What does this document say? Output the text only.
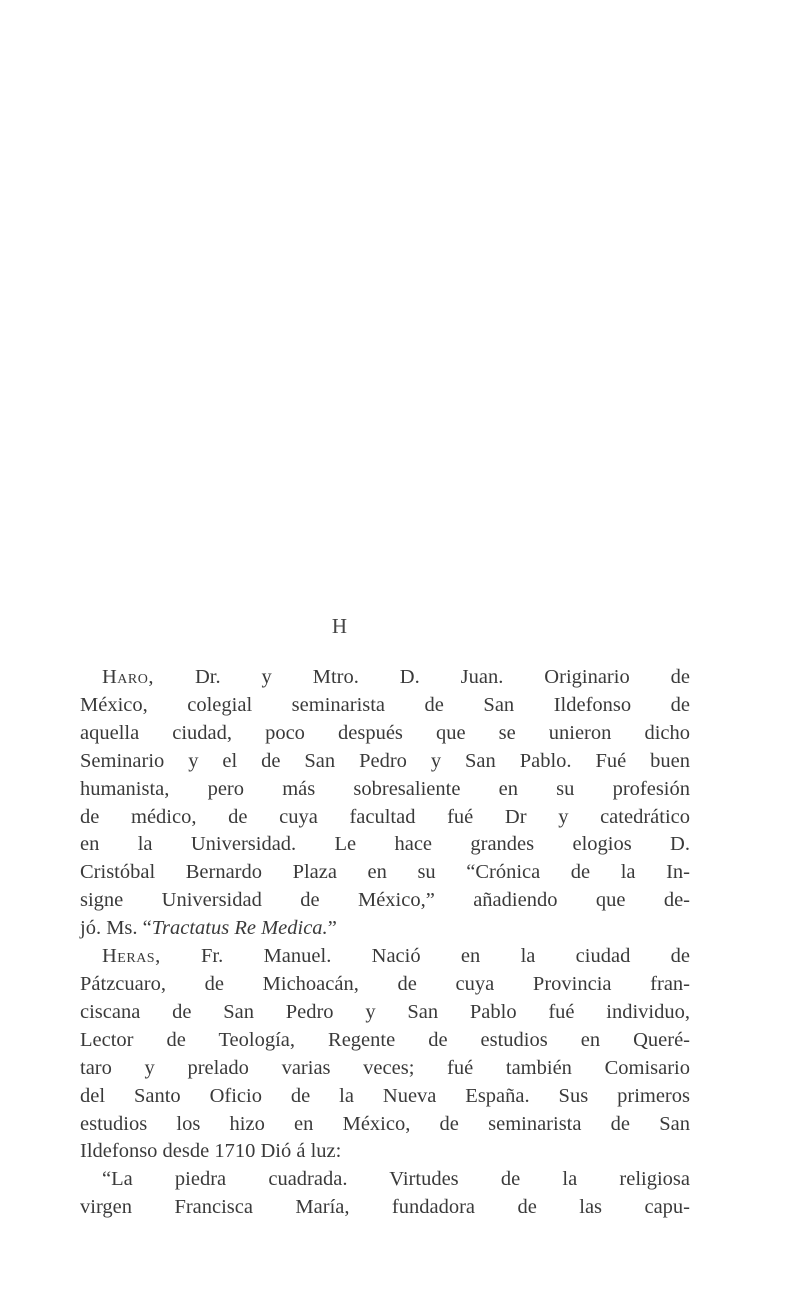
H
Haro, Dr. y Mtro. D. Juan. Originario de
México, colegial seminarista de San Ildefonso de
aquella ciudad, poco después que se unieron dicho
Seminario y el de San Pedro y San Pablo. Fué buen
humanista, pero más sobresaliente en su profesión
de médico, de cuya facultad fué Dr y catedrático
en la Universidad. Le hace grandes elogios D.
Cristóbal Bernardo Plaza en su “Crónica de la In-
signe Universidad de México,” añadiendo que de-
jó. Ms. “Tractatus Re Medica.”
Heras, Fr. Manuel. Nació en la ciudad de
Pátzcuaro, de Michoacán, de cuya Provincia fran-
ciscana de San Pedro y San Pablo fué individuo,
Lector de Teología, Regente de estudios en Queré-
taro y prelado varias veces; fué también Comisario
del Santo Oficio de la Nueva España. Sus primeros
estudios los hizo en México, de seminarista de San
Ildefonso desde 1710 Dió á luz:
“La piedra cuadrada. Virtudes de la religiosa
virgen Francisca María, fundadora de las capu-
